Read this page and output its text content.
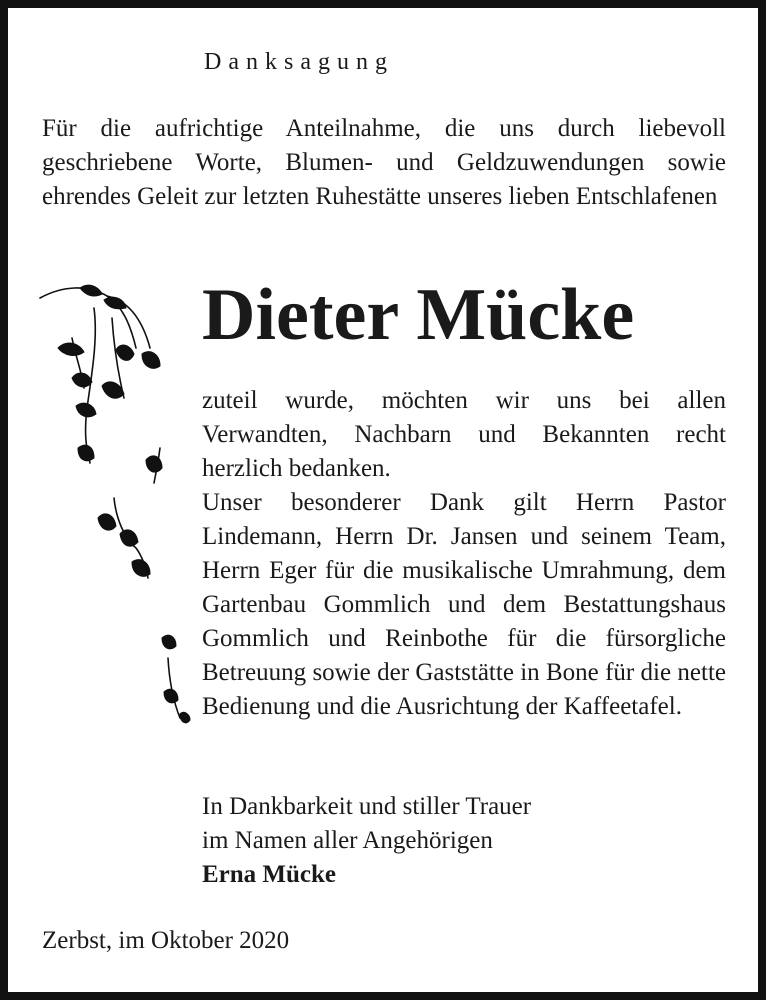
Danksagung
Für die aufrichtige Anteilnahme, die uns durch liebevoll geschriebene Worte, Blumen- und Geldzuwendungen sowie ehrendes Geleit zur letzten Ruhestätte unseres lieben Entschlafenen
Dieter Mücke

zuteil wurde, möchten wir uns bei allen Verwandten, Nachbarn und Bekannten recht herzlich bedanken.

Unser besonderer Dank gilt Herrn Pastor Lindemann, Herrn Dr. Jansen und seinem Team, Herrn Eger für die musikalische Umrahmung, dem Gartenbau Gommlich und dem Bestattungshaus Gommlich und Reinbothe für die fürsorgliche Betreuung sowie der Gaststätte in Bone für die nette Bedienung und die Ausrichtung der Kaffeetafel.

In Dankbarkeit und stiller Trauer
im Namen aller Angehörigen
Erna Mücke
Zerbst, im Oktober 2020
